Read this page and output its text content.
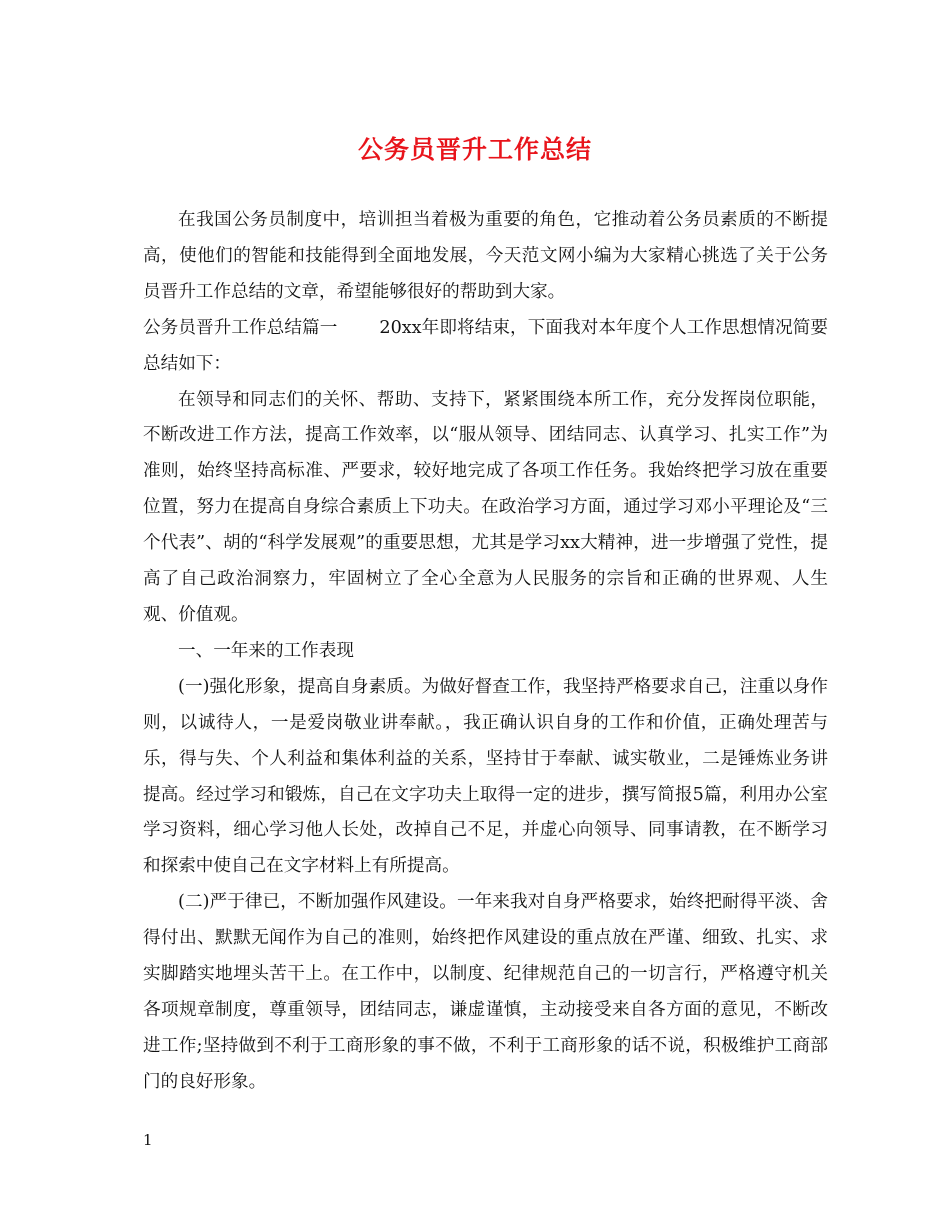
公务员晋升工作总结

在我国公务员制度中，培训担当着极为重要的角色，它推动着公务员素质的不断提高，使他们的智能和技能得到全面地发展，今天范文网小编为大家精心挑选了关于公务员晋升工作总结的文章，希望能够很好的帮助到大家。

公务员晋升工作总结篇一 20xx年即将结束，下面我对本年度个人工作思想情况简要总结如下：

在领导和同志们的关怀、帮助、支持下，紧紧围绕本所工作，充分发挥岗位职能，不断改进工作方法，提高工作效率，以“服从领导、团结同志、认真学习、扎实工作”为准则，始终坚持高标准、严要求，较好地完成了各项工作任务。我始终把学习放在重要位置，努力在提高自身综合素质上下功夫。在政治学习方面，通过学习邓小平理论及“三个代表”、胡的“科学发展观”的重要思想，尤其是学习xx大精神，进一步增强了党性，提高了自己政治洞察力，牢固树立了全心全意为人民服务的宗旨和正确的世界观、人生观、价值观。

一、一年来的工作表现

(一)强化形象，提高自身素质。为做好督查工作，我坚持严格要求自己，注重以身作则，以诚待人，一是爱岗敬业讲奉献。，我正确认识自身的工作和价值，正确处理苦与乐，得与失、个人利益和集体利益的关系，坚持甘于奉献、诚实敬业，二是锤炼业务讲提高。经过学习和锻炼，自己在文字功夫上取得一定的进步，撰写简报5篇，利用办公室学习资料，细心学习他人长处，改掉自己不足，并虚心向领导、同事请教，在不断学习和探索中使自己在文字材料上有所提高。

(二)严于律已，不断加强作风建设。一年来我对自身严格要求，始终把耐得平淡、舍得付出、默默无闻作为自己的准则，始终把作风建设的重点放在严谨、细致、扎实、求实脚踏实地埋头苦干上。在工作中，以制度、纪律规范自己的一切言行，严格遵守机关各项规章制度，尊重领导，团结同志，谦虚谨慎，主动接受来自各方面的意见，不断改进工作;坚持做到不利于工商形象的事不做，不利于工商形象的话不说，积极维护工商部门的良好形象。

1
